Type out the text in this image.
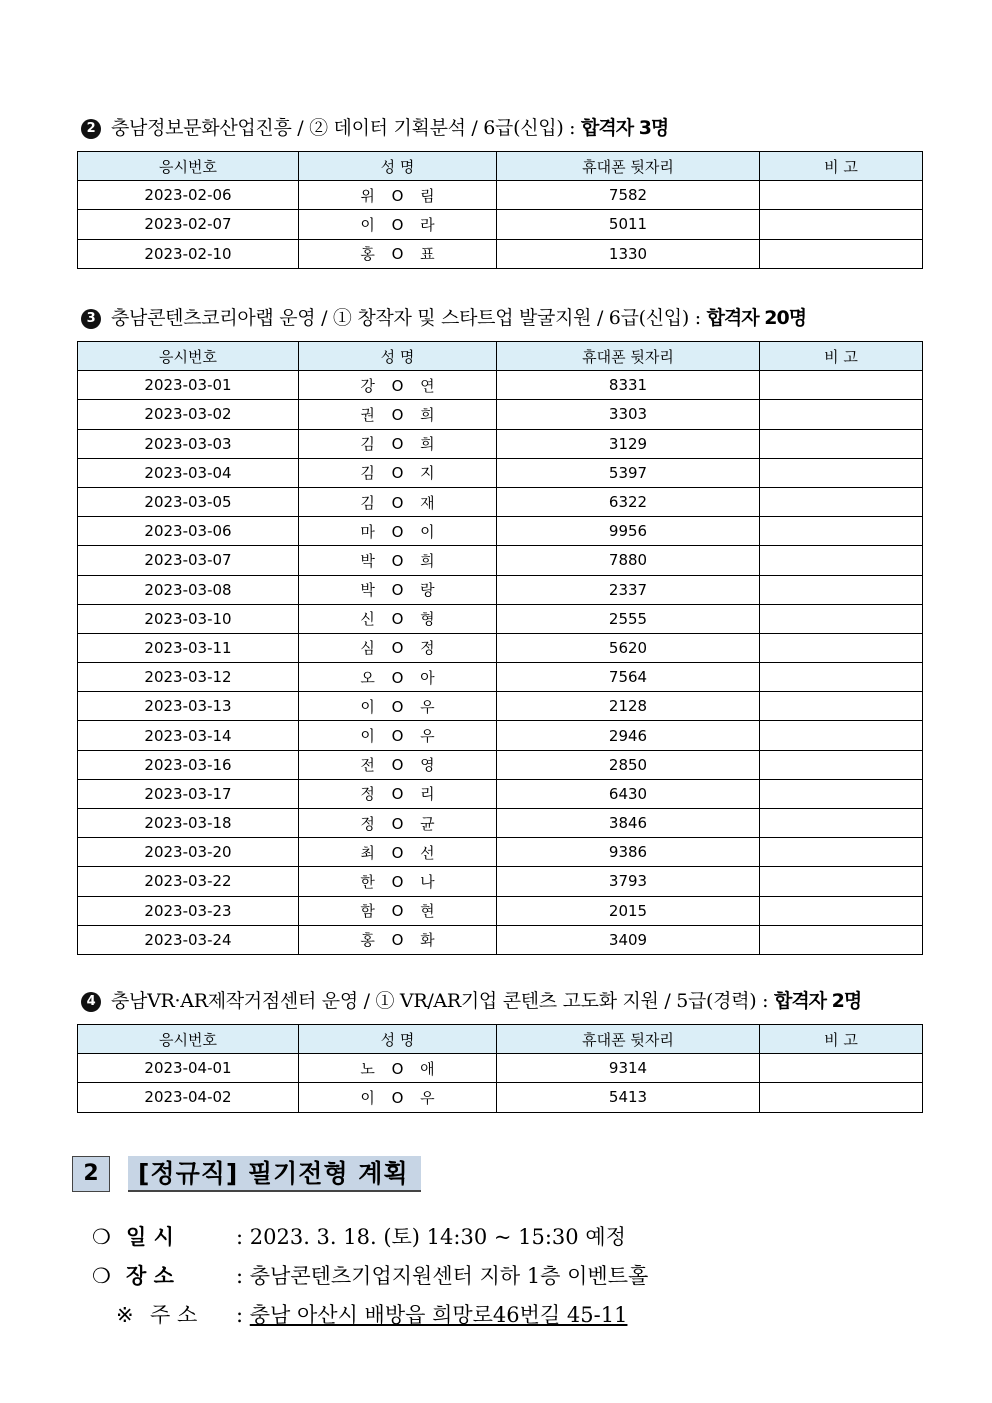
2 충남정보문화산업진흥 / ② 데이터 기획분석 / 6급(신입) : 합격자 3명
응시번호	성 명	휴대폰 뒷자리	비 고
2023-02-06	위 O 림	7582	
2023-02-07	이 O 라	5011	
2023-02-10	홍 O 표	1330	
3 충남콘텐츠코리아랩 운영 / ① 창작자 및 스타트업 발굴지원 / 6급(신입) : 합격자 20명
응시번호	성 명	휴대폰 뒷자리	비 고
2023-03-01	강 O 연	8331	
2023-03-02	권 O 희	3303	
2023-03-03	김 O 희	3129	
2023-03-04	김 O 지	5397	
2023-03-05	김 O 재	6322	
2023-03-06	마 O 이	9956	
2023-03-07	박 O 희	7880	
2023-03-08	박 O 랑	2337	
2023-03-10	신 O 형	2555	
2023-03-11	심 O 정	5620	
2023-03-12	오 O 아	7564	
2023-03-13	이 O 우	2128	
2023-03-14	이 O 우	2946	
2023-03-16	전 O 영	2850	
2023-03-17	정 O 리	6430	
2023-03-18	정 O 균	3846	
2023-03-20	최 O 선	9386	
2023-03-22	한 O 나	3793	
2023-03-23	함 O 현	2015	
2023-03-24	홍 O 화	3409	
4 충남VR·AR제작거점센터 운영 / ① VR/AR기업 콘텐츠 고도화 지원 / 5급(경력) : 합격자 2명
응시번호	성 명	휴대폰 뒷자리	비 고
2023-04-01	노 O 애	9314	
2023-04-02	이 O 우	5413	
2	[정규직] 필기전형 계획
❍ 일 시	: 2023. 3. 18. (토) 14:30 ~ 15:30 예정
❍ 장 소	: 충남콘텐츠기업지원센터 지하 1층 이벤트홀
※ 주 소 : 충남 아산시 배방읍 희망로46번길 45-11
